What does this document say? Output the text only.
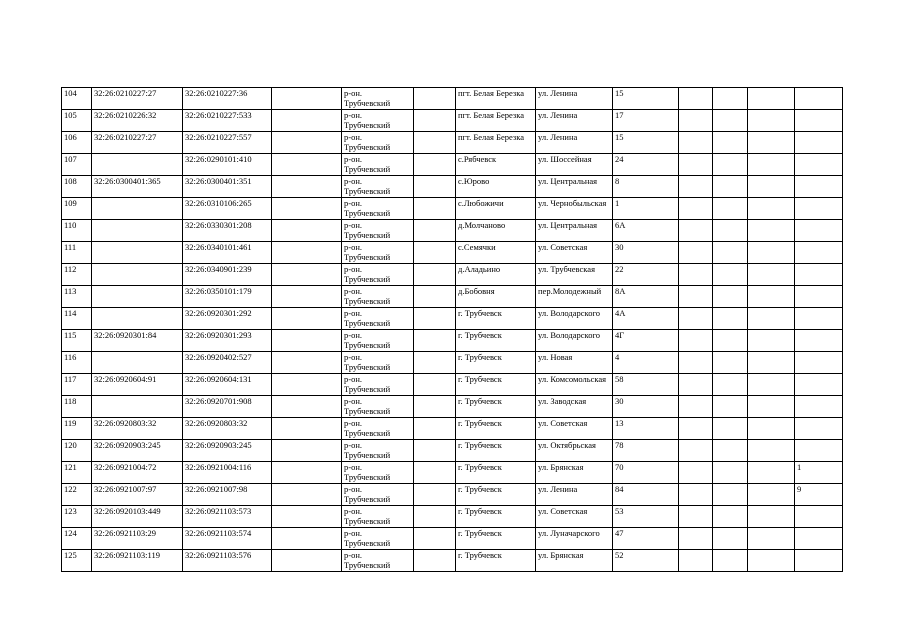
104	32:26:0210227:27	32:26:0210227:36		р-он.
Трубчевский		пгт. Белая Березка	ул. Ленина	15				
105	32:26:0210226:32	32:26:0210227:533		р-он.
Трубчевский		пгт. Белая Березка	ул. Ленина	17				
106	32:26:0210227:27	32:26:0210227:557		р-он.
Трубчевский		пгт. Белая Березка	ул. Ленина	15				
107		32:26:0290101:410		р-он.
Трубчевский		с.Рябчевск	ул. Шоссейная	24				
108	32:26:0300401:365	32:26:0300401:351		р-он.
Трубчевский		с.Юрово	ул. Центральная	8				
109		32:26:0310106:265		р-он.
Трубчевский		с.Любожичи	ул. Чернобыльская	1				
110		32:26:0330301:208		р-он.
Трубчевский		д.Молчаново	ул. Центральная	6А				
111		32:26:0340101:461		р-он.
Трубчевский		с.Семячки	ул. Советская	30				
112		32:26:0340901:239		р-он.
Трубчевский		д.Аладьино	ул. Трубчевская	22				
113		32:26:0350101:179		р-он.
Трубчевский		д.Бобовня	пер.Молодежный	8А				
114		32:26:0920301:292		р-он.
Трубчевский		г. Трубчевск	ул. Володарского	4А				
115	32:26:0920301:84	32:26:0920301:293		р-он.
Трубчевский		г. Трубчевск	ул. Володарского	4Г				
116		32:26:0920402:527		р-он.
Трубчевский		г. Трубчевск	ул. Новая	4				
117	32:26:0920604:91	32:26:0920604:131		р-он.
Трубчевский		г. Трубчевск	ул. Комсомольская	58				
118		32:26:0920701:908		р-он.
Трубчевский		г. Трубчевск	ул. Заводская	30				
119	32:26:0920803:32	32:26:0920803:32		р-он.
Трубчевский		г. Трубчевск	ул. Советская	13				
120	32:26:0920903:245	32:26:0920903:245		р-он.
Трубчевский		г. Трубчевск	ул. Октябрьская	78				
121	32:26:0921004:72	32:26:0921004:116		р-он.
Трубчевский		г. Трубчевск	ул. Брянская	70				1
122	32:26:0921007:97	32:26:0921007:98		р-он.
Трубчевский		г. Трубчевск	ул. Ленина	84				9
123	32:26:0920103:449	32:26:0921103:573		р-он.
Трубчевский		г. Трубчевск	ул. Советская	53				
124	32:26:0921103:29	32:26:0921103:574		р-он.
Трубчевский		г. Трубчевск	ул. Луначарского	47				
125	32:26:0921103:119	32:26:0921103:576		р-он.
Трубчевский		г. Трубчевск	ул. Брянская	52				
